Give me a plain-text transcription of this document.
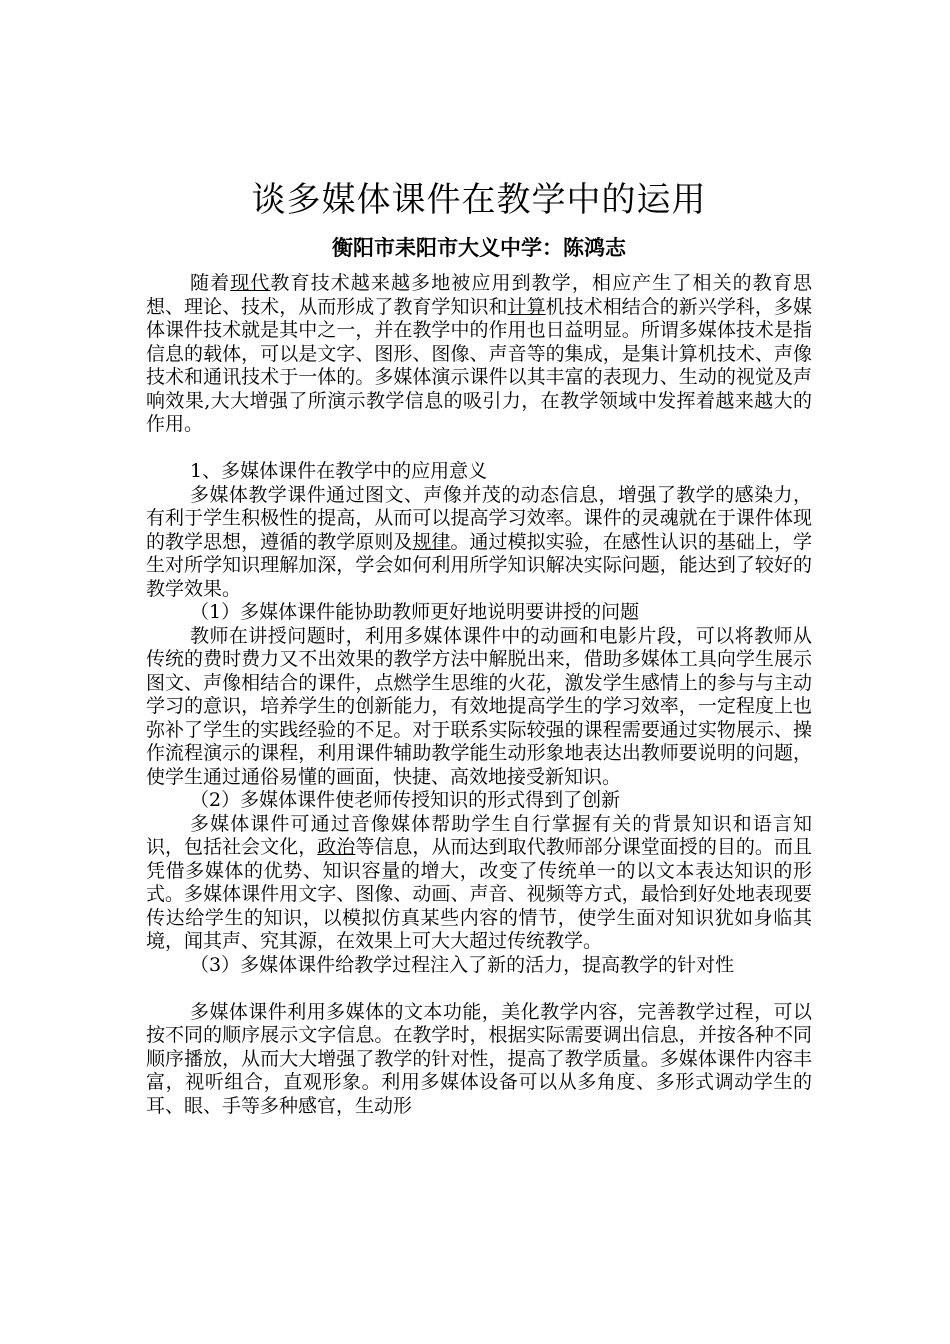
谈多媒体课件在教学中的运用
衡阳市耒阳市大义中学：陈鸿志

随着现代教育技术越来越多地被应用到教学，相应产生了相关的教育思想、理论、技术，从而形成了教育学知识和计算机技术相结合的新兴学科，多媒体课件技术就是其中之一，并在教学中的作用也日益明显。所谓多媒体技术是指信息的载体，可以是文字、图形、图像、声音等的集成，是集计算机技术、声像技术和通讯技术于一体的。多媒体演示课件以其丰富的表现力、生动的视觉及声响效果,大大增强了所演示教学信息的吸引力，在教学领域中发挥着越来越大的作用。

1、多媒体课件在教学中的应用意义

多媒体教学课件通过图文、声像并茂的动态信息，增强了教学的感染力，有利于学生积极性的提高，从而可以提高学习效率。课件的灵魂就在于课件体现的教学思想，遵循的教学原则及规律。通过模拟实验，在感性认识的基础上，学生对所学知识理解加深，学会如何利用所学知识解决实际问题，能达到了较好的教学效果。

（1）多媒体课件能协助教师更好地说明要讲授的问题

教师在讲授问题时，利用多媒体课件中的动画和电影片段，可以将教师从传统的费时费力又不出效果的教学方法中解脱出来，借助多媒体工具向学生展示图文、声像相结合的课件，点燃学生思维的火花，激发学生感情上的参与与主动学习的意识，培养学生的创新能力，有效地提高学生的学习效率，一定程度上也弥补了学生的实践经验的不足。对于联系实际较强的课程需要通过实物展示、操作流程演示的课程，利用课件辅助教学能生动形象地表达出教师要说明的问题，使学生通过通俗易懂的画面，快捷、高效地接受新知识。

（2）多媒体课件使老师传授知识的形式得到了创新

多媒体课件可通过音像媒体帮助学生自行掌握有关的背景知识和语言知识，包括社会文化，政治等信息，从而达到取代教师部分课堂面授的目的。而且凭借多媒体的优势、知识容量的增大，改变了传统单一的以文本表达知识的形式。多媒体课件用文字、图像、动画、声音、视频等方式，最恰到好处地表现要传达给学生的知识，以模拟仿真某些内容的情节，使学生面对知识犹如身临其境，闻其声、究其源，在效果上可大大超过传统教学。

（3）多媒体课件给教学过程注入了新的活力，提高教学的针对性

多媒体课件利用多媒体的文本功能，美化教学内容，完善教学过程，可以按不同的顺序展示文字信息。在教学时，根据实际需要调出信息，并按各种不同顺序播放，从而大大增强了教学的针对性，提高了教学质量。多媒体课件内容丰富，视听组合，直观形象。利用多媒体设备可以从多角度、多形式调动学生的耳、眼、手等多种感官，生动形
